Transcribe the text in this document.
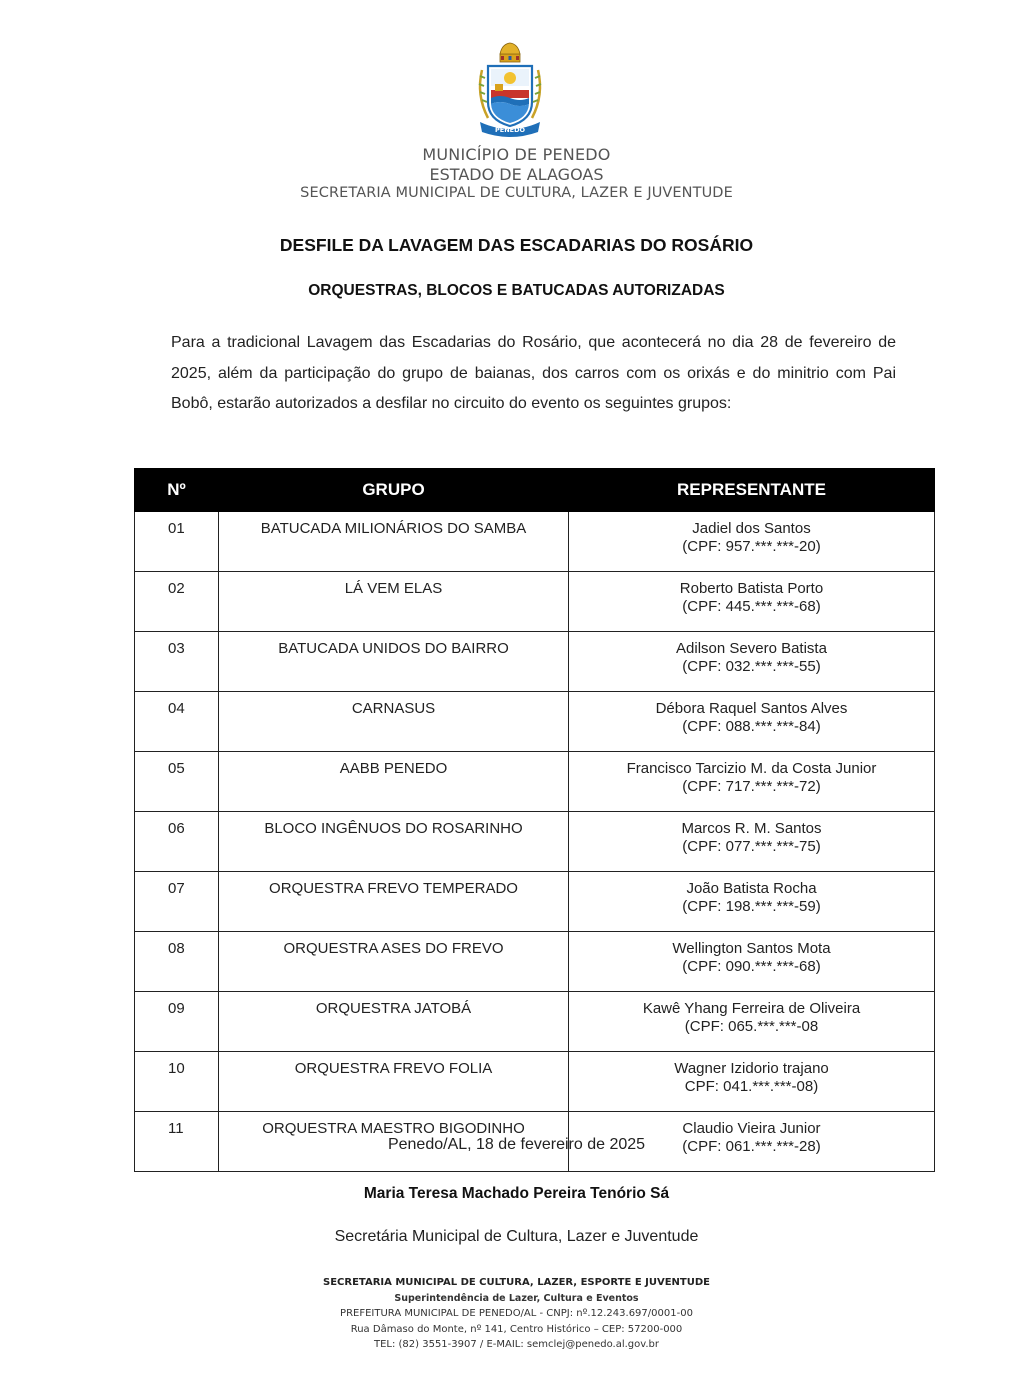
PENEDO
MUNICÍPIO DE PENEDO
ESTADO DE ALAGOAS
SECRETARIA MUNICIPAL DE CULTURA, LAZER E JUVENTUDE
DESFILE DA LAVAGEM DAS ESCADARIAS DO ROSÁRIO
ORQUESTRAS, BLOCOS E BATUCADAS AUTORIZADAS

Para a tradicional Lavagem das Escadarias do Rosário, que acontecerá no dia 28 de fevereiro de 2025, além da participação do grupo de baianas, dos carros com os orixás e do minitrio com Pai Bobô, estarão autorizados a desfilar no circuito do evento os seguintes grupos:

Nº	GRUPO	REPRESENTANTE
01	BATUCADA MILIONÁRIOS DO SAMBA	Jadiel dos Santos
(CPF: 957.***.***-20)

02	LÁ VEM ELAS	Roberto Batista Porto
(CPF: 445.***.***-68)

03	BATUCADA UNIDOS DO BAIRRO	Adilson Severo Batista
(CPF: 032.***.***-55)

04	CARNASUS	Débora Raquel Santos Alves
(CPF: 088.***.***-84)

05	AABB PENEDO	Francisco Tarcizio M. da Costa Junior
(CPF: 717.***.***-72)

06	BLOCO INGÊNUOS DO ROSARINHO	Marcos R. M. Santos
(CPF: 077.***.***-75)

07	ORQUESTRA FREVO TEMPERADO	João Batista Rocha
(CPF: 198.***.***-59)

08	ORQUESTRA ASES DO FREVO	Wellington Santos Mota
(CPF: 090.***.***-68)

09	ORQUESTRA JATOBÁ	Kawê Yhang Ferreira de Oliveira
(CPF: 065.***.***-08

10	ORQUESTRA FREVO FOLIA	Wagner Izidorio trajano
CPF: 041.***.***-08)

11	ORQUESTRA MAESTRO BIGODINHO	Claudio Vieira Junior
(CPF: 061.***.***-28)
Penedo/AL, 18 de fevereiro de 2025
Maria Teresa Machado Pereira Tenório Sá
Secretária Municipal de Cultura, Lazer e Juventude
SECRETARIA MUNICIPAL DE CULTURA, LAZER, ESPORTE E JUVENTUDE
Superintendência de Lazer, Cultura e Eventos
PREFEITURA MUNICIPAL DE PENEDO/AL - CNPJ: nº.12.243.697/0001-00
Rua Dâmaso do Monte, nº 141, Centro Histórico – CEP: 57200-000
TEL: (82) 3551-3907 / E-MAIL: semclej@penedo.al.gov.br
